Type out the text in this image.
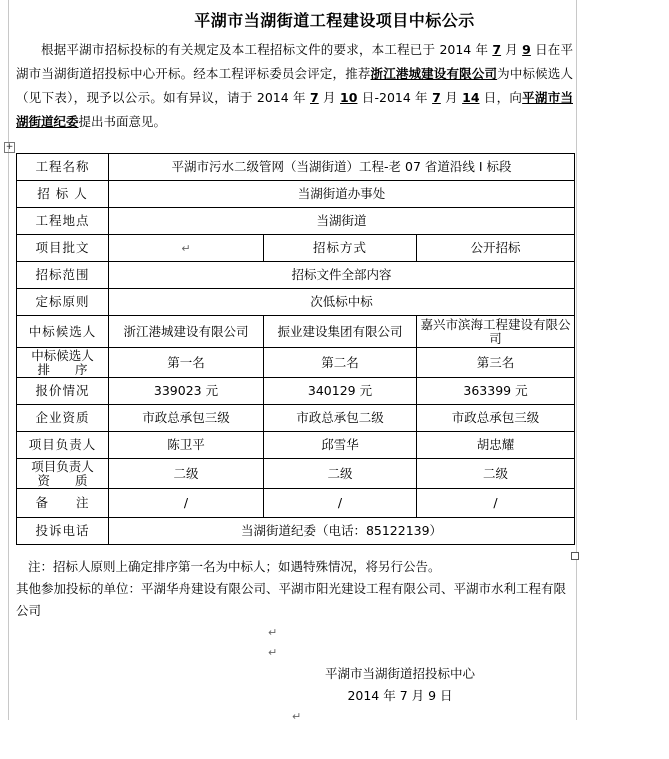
平湖市当湖街道工程建设项目中标公示
根据平湖市招标投标的有关规定及本工程招标文件的要求，本工程已于 2014 年 7 月 9 日在平湖市当湖街道招投标中心开标。经本工程评标委员会评定，推荐浙江港城建设有限公司为中标候选人（见下表），现予以公示。如有异议，请于 2014 年 7 月 10 日-2014 年 7 月 14 日，向平湖市当湖街道纪委提出书面意见。
+
工程名称	平湖市污水二级管网（当湖街道）工程-老 07 省道沿线 I 标段		
招 标 人	当湖街道办事处		
工程地点	当湖街道		
项目批文	↵	招标方式	公开招标
招标范围	招标文件全部内容		
定标原则	次低标中标		
中标候选人	浙江港城建设有限公司	振业建设集团有限公司	嘉兴市滨海工程建设有限公司
中标候选人
排　　序	第一名	第二名	第三名
报价情况	339023 元	340129 元	363399 元
企业资质	市政总承包三级	市政总承包二级	市政总承包三级
项目负责人	陈卫平	邱雪华	胡忠耀
项目负责人
资　　质	二级	二级	二级
备　　注	/	/	/
投诉电话	当湖街道纪委（电话：85122139）		
注：招标人原则上确定排序第一名为中标人；如遇特殊情况，将另行公告。
其他参加投标的单位：平湖华舟建设有限公司、平湖市阳光建设工程有限公司、平湖市水利工程有限公司
↵
↵
平湖市当湖街道招投标中心
2014 年 7 月 9 日
↵
